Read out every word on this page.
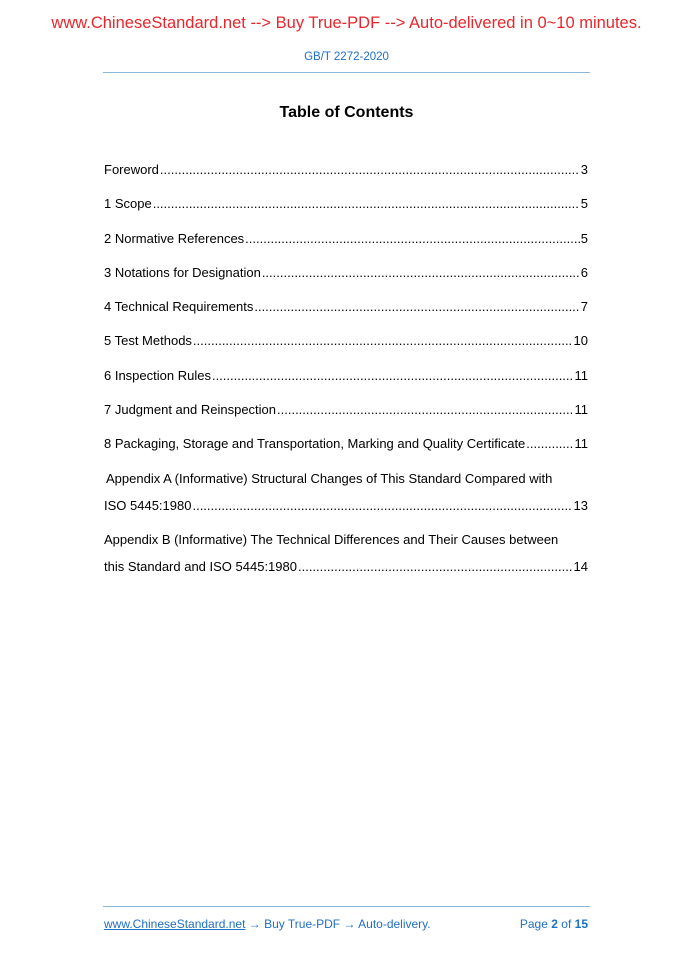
www.ChineseStandard.net --> Buy True-PDF --> Auto-delivered in 0~10 minutes.
GB/T 2272-2020
Table of Contents
Foreword .....	3
1 Scope .....	5
2 Normative References .....	5
3 Notations for Designation .....	6
4 Technical Requirements .....	7
5 Test Methods .....	10
6 Inspection Rules .....	11
7 Judgment and Reinspection .....	11
8 Packaging, Storage and Transportation, Marking and Quality Certificate .....	11
Appendix A (Informative) Structural Changes of This Standard Compared with
ISO 5445:1980 .....	13
Appendix B (Informative) The Technical Differences and Their Causes between
this Standard and ISO 5445:1980 .....	14
www.ChineseStandard.net → Buy True-PDF → Auto-delivery.	Page 2 of 15
